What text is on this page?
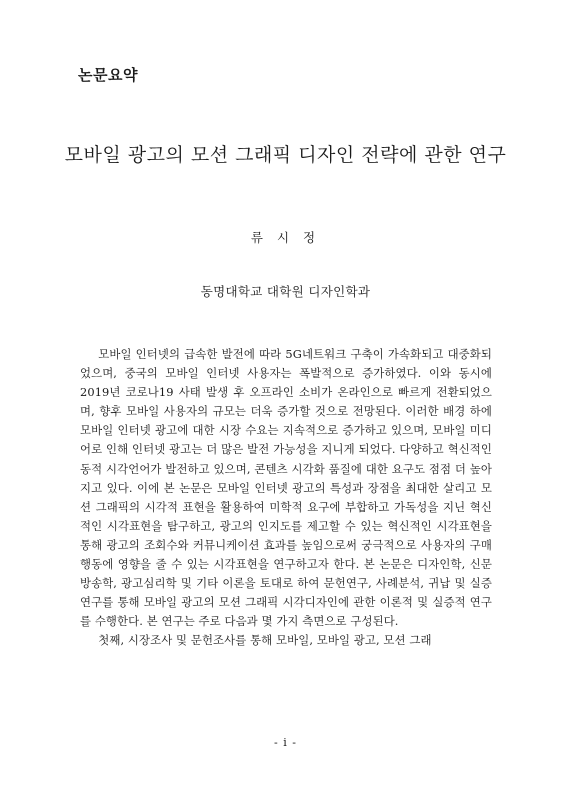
논문요약
모바일 광고의 모션 그래픽 디자인 전략에 관한 연구
류 시 정
동명대학교 대학원 디자인학과

모바일 인터넷의 급속한 발전에 따라 5G네트워크 구축이 가속화되고 대중화되었으며, 중국의 모바일 인터넷 사용자는 폭발적으로 증가하였다. 이와 동시에 2019년 코로나19 사태 발생 후 오프라인 소비가 온라인으로 빠르게 전환되었으며, 향후 모바일 사용자의 규모는 더욱 증가할 것으로 전망된다. 이러한 배경 하에 모바일 인터넷 광고에 대한 시장 수요는 지속적으로 증가하고 있으며, 모바일 미디어로 인해 인터넷 광고는 더 많은 발전 가능성을 지니게 되었다. 다양하고 혁신적인 동적 시각언어가 발전하고 있으며, 콘텐츠 시각화 품질에 대한 요구도 점점 더 높아지고 있다. 이에 본 논문은 모바일 인터넷 광고의 특성과 장점을 최대한 살리고 모션 그래픽의 시각적 표현을 활용하여 미학적 요구에 부합하고 가독성을 지닌 혁신적인 시각표현을 탐구하고, 광고의 인지도를 제고할 수 있는 혁신적인 시각표현을 통해 광고의 조회수와 커뮤니케이션 효과를 높임으로써 궁극적으로 사용자의 구매행동에 영향을 줄 수 있는 시각표현을 연구하고자 한다. 본 논문은 디자인학, 신문방송학, 광고심리학 및 기타 이론을 토대로 하여 문헌연구, 사례분석, 귀납 및 실증연구를 통해 모바일 광고의 모션 그래픽 시각디자인에 관한 이론적 및 실증적 연구를 수행한다. 본 연구는 주로 다음과 몇 가지 측면으로 구성된다.

첫째, 시장조사 및 문헌조사를 통해 모바일, 모바일 광고, 모션 그래

- i -
